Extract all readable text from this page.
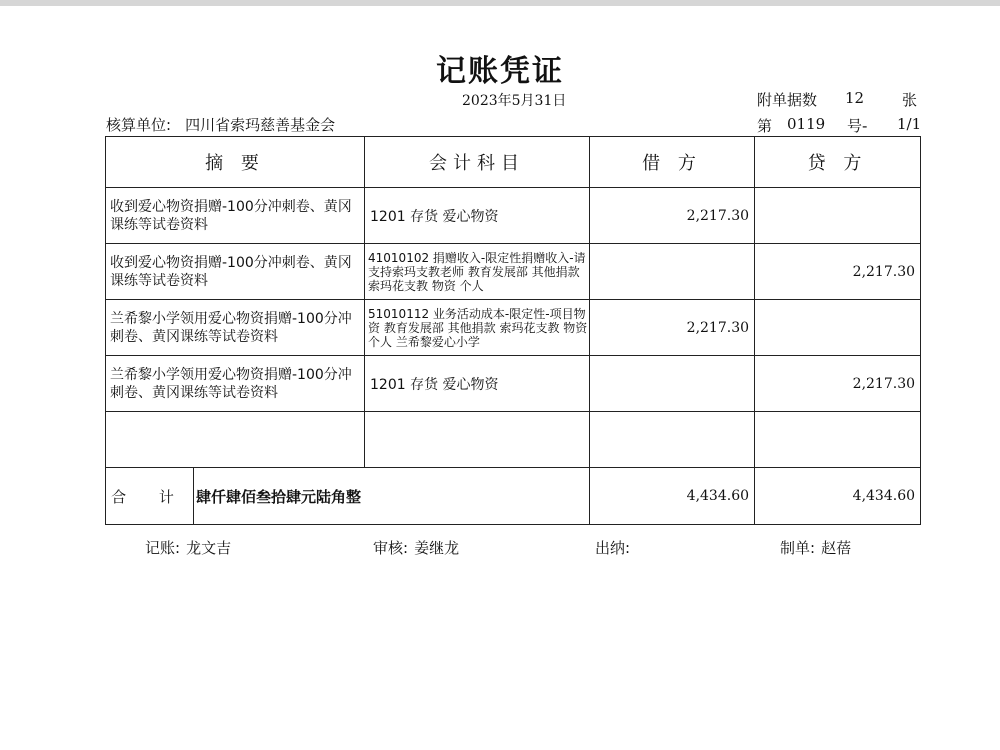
记账凭证
2023年5月31日	附单据数 12	张
核算单位: 四川省索玛慈善基金会	第 0119 号- 1/1
摘 要		会计科目	借 方	贷 方
收到爱心物资捐赠-100分冲刺卷、黄冈课练等试卷资料		1201 存货 爱心物资	2,217.30	
收到爱心物资捐赠-100分冲刺卷、黄冈课练等试卷资料		41010102 捐赠收入-限定性捐赠收入-请支持索玛支教老师 教育发展部 其他捐款 索玛花支教 物资 个人		2,217.30
兰希黎小学领用爱心物资捐赠-100分冲刺卷、黄冈课练等试卷资料		51010112 业务活动成本-限定性-项目物资 教育发展部 其他捐款 索玛花支教 物资 个人 兰希黎爱心小学	2,217.30	
兰希黎小学领用爱心物资捐赠-100分冲刺卷、黄冈课练等试卷资料		1201 存货 爱心物资		2,217.30

合 计	肆仟肆佰叁拾肆元陆角整		4,434.60	4,434.60
记账: 龙文吉	审核: 姜继龙	出纳:	制单: 赵蓓
